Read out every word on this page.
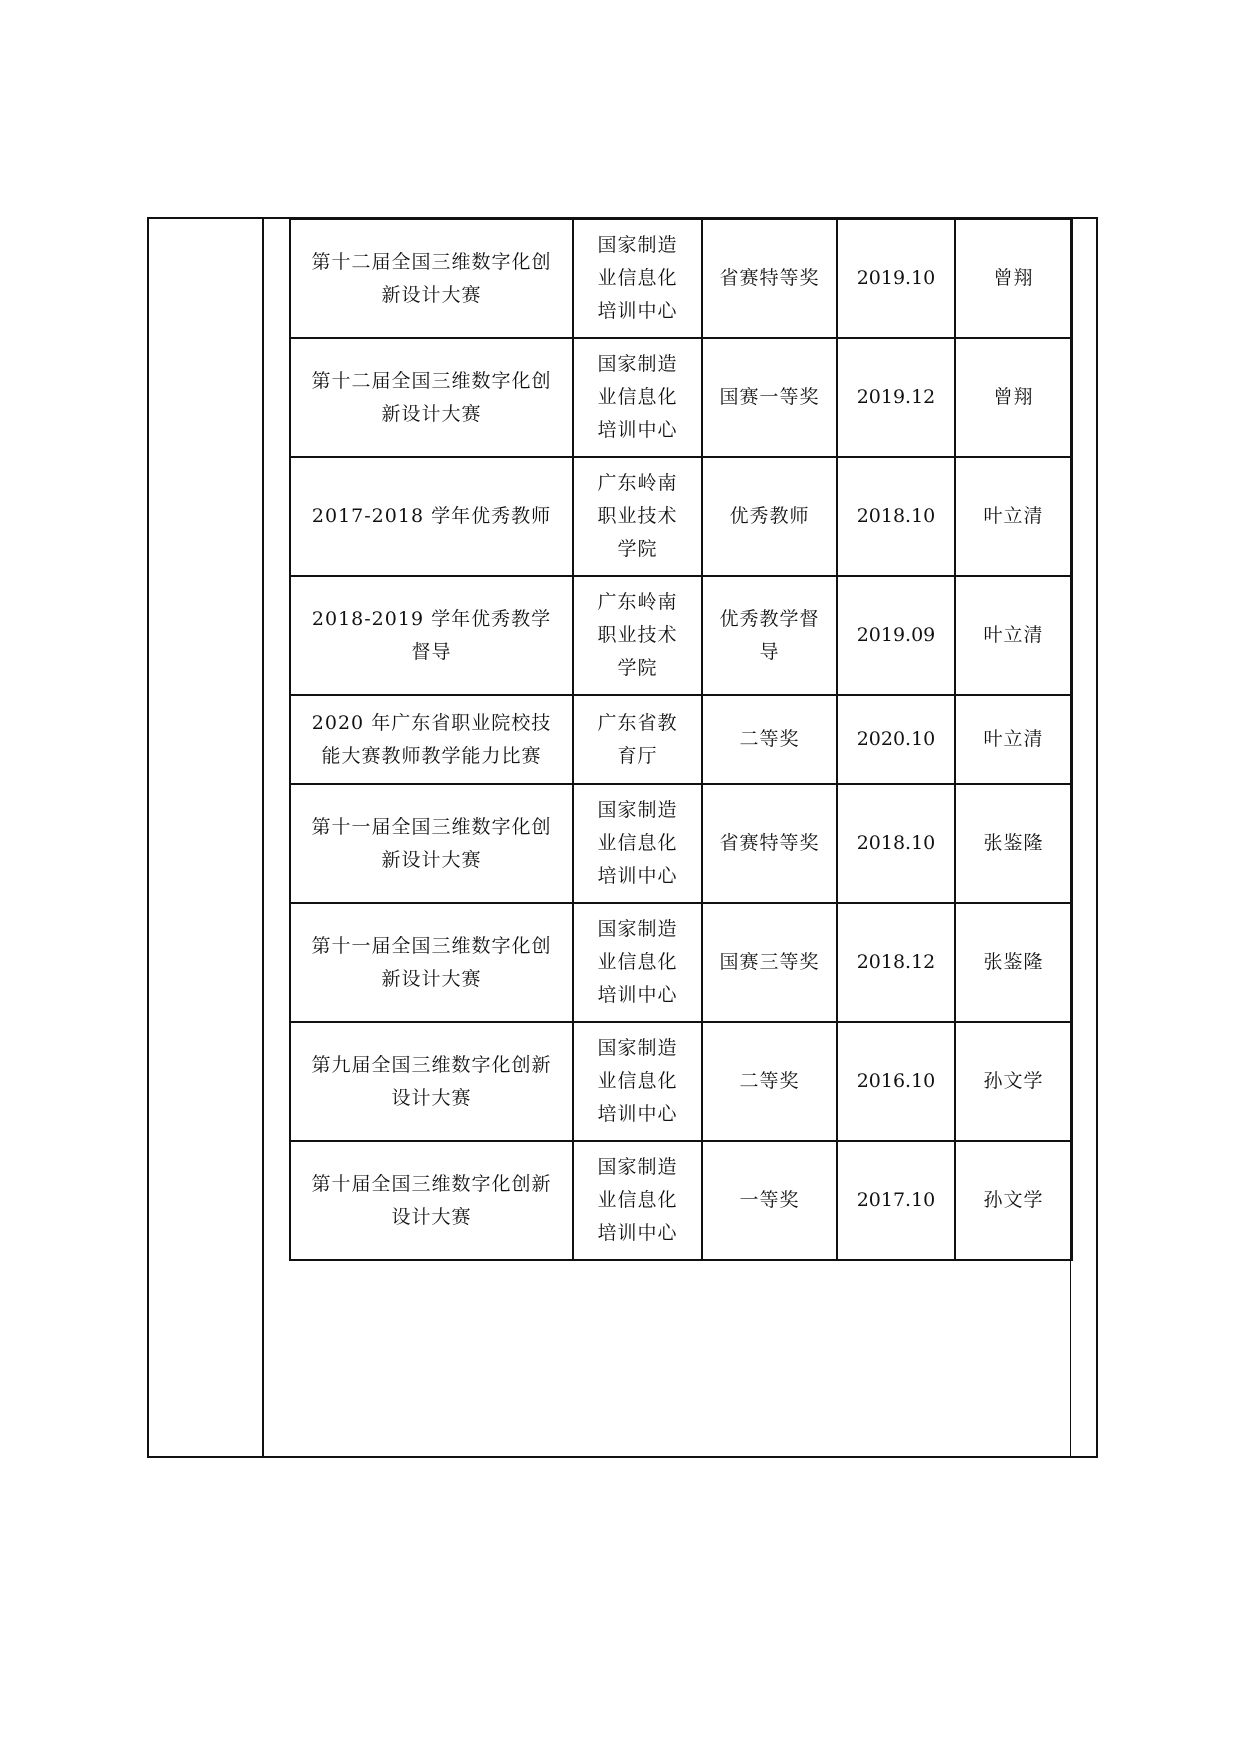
第十二届全国三维数字化创新设计大赛	国家制造业信息化培训中心	省赛特等奖	2019.10	曾翔
第十二届全国三维数字化创新设计大赛	国家制造业信息化培训中心	国赛一等奖	2019.12	曾翔
2017-2018 学年优秀教师	广东岭南职业技术学院	优秀教师	2018.10	叶立清
2018-2019 学年优秀教学督导	广东岭南职业技术学院	优秀教学督导	2019.09	叶立清
2020 年广东省职业院校技能大赛教师教学能力比赛	广东省教育厅	二等奖	2020.10	叶立清
第十一届全国三维数字化创新设计大赛	国家制造业信息化培训中心	省赛特等奖	2018.10	张鉴隆
第十一届全国三维数字化创新设计大赛	国家制造业信息化培训中心	国赛三等奖	2018.12	张鉴隆
第九届全国三维数字化创新设计大赛	国家制造业信息化培训中心	二等奖	2016.10	孙文学
第十届全国三维数字化创新设计大赛	国家制造业信息化培训中心	一等奖	2017.10	孙文学
